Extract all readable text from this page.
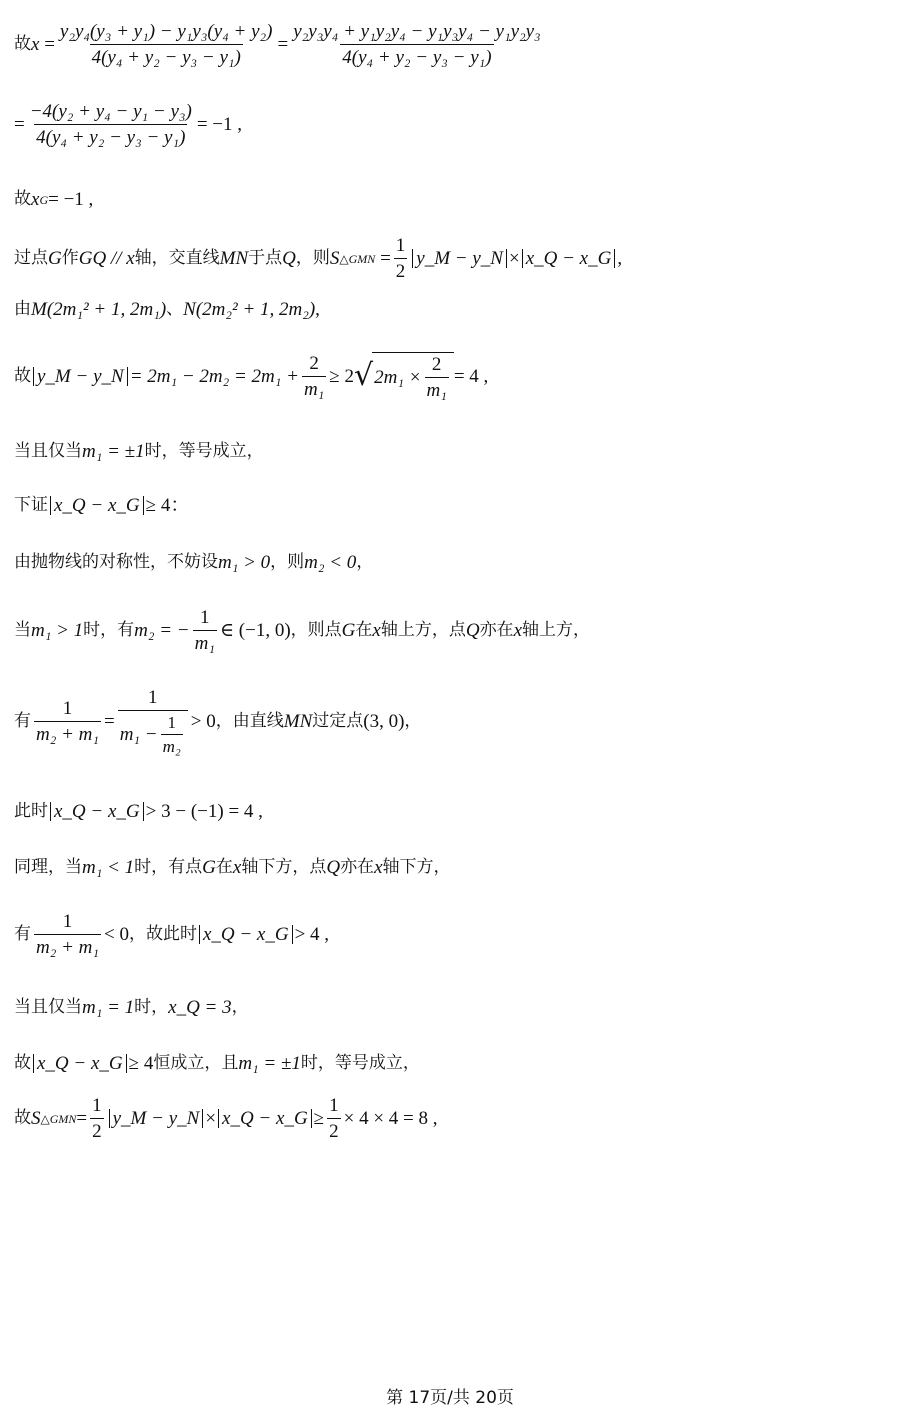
故 $x = \frac{\text{y₂y₄(y₃ + y₁) − y₁y₃(y₄ + y₂)}}{\text{4(y₄ + y₂ − y₃ − y₁)}} = \frac{\text{y₂y₃y₄ + y₁y₂y₄ − y₁y₃y₄ − y₁y₂y₃}}{\text{4(y₄ + y₂ − y₃ − y₁)}}$
= $\frac{\text{−4(y₂ + y₄ − y₁ − y₃)}}{\text{4(y₄ + y₂ − y₃ − y₁)}} = -1$ ,
故 x G = −1 ,
过点 G 作 GQ // x 轴，交直线 MN 于点 Q ，则 S △GMN = $\frac{1}{2}$ y_M − y_N × x_Q − x_G ,
由 M (2m₁² + 1, 2m₁) 、 N (2m₂² + 1, 2m₂) ,
故 y_M − y_N = $2m_1 - 2m_2 = 2m_1 + \frac{2}{\text{m₁}} \ge 2$ √ $2m_1 \times \frac{2}{\text{m₁}} = 4$ ,
当且仅当 m₁ = ±1 时，等号成立，
下证 x_Q − x_G ≥ 4：
由抛物线的对称性，不妨设 m₁ > 0 ，则 m₂ < 0 ，
当 m₁ > 1 时，有 m₂ = − $\frac{1}{\text{m₁}}$ ∈ (−1, 0) ，则点 G 在 x 轴上方，点 Q 亦在 x 轴上方，
有 $\frac{1}{\text{m₂ + m₁}} = \frac{1}{m_1 - \frac{1}{\text{m₂}}} > 0$ ，由直线 MN 过定点 (3, 0) ，
此时 x_Q − x_G > 3 − (−1) = 4 ,
同理，当 m₁ < 1 时，有点 G 在 x 轴下方，点 Q 亦在 x 轴下方，
有 $\frac{1}{\text{m₂ + m₁}} < 0$ ，故此时 x_Q − x_G > 4 ,
当且仅当 m₁ = 1 时， x_Q = 3 ，
故 x_Q − x_G ≥ 4 恒成立，且 m₁ = ±1 时，等号成立，
故 S △GMN = $\frac{1}{2}$ y_M − y_N × x_Q − x_G ≥ $\frac{1}{2} \times 4 \times 4 = 8$ ,
第 17页/共 20页
